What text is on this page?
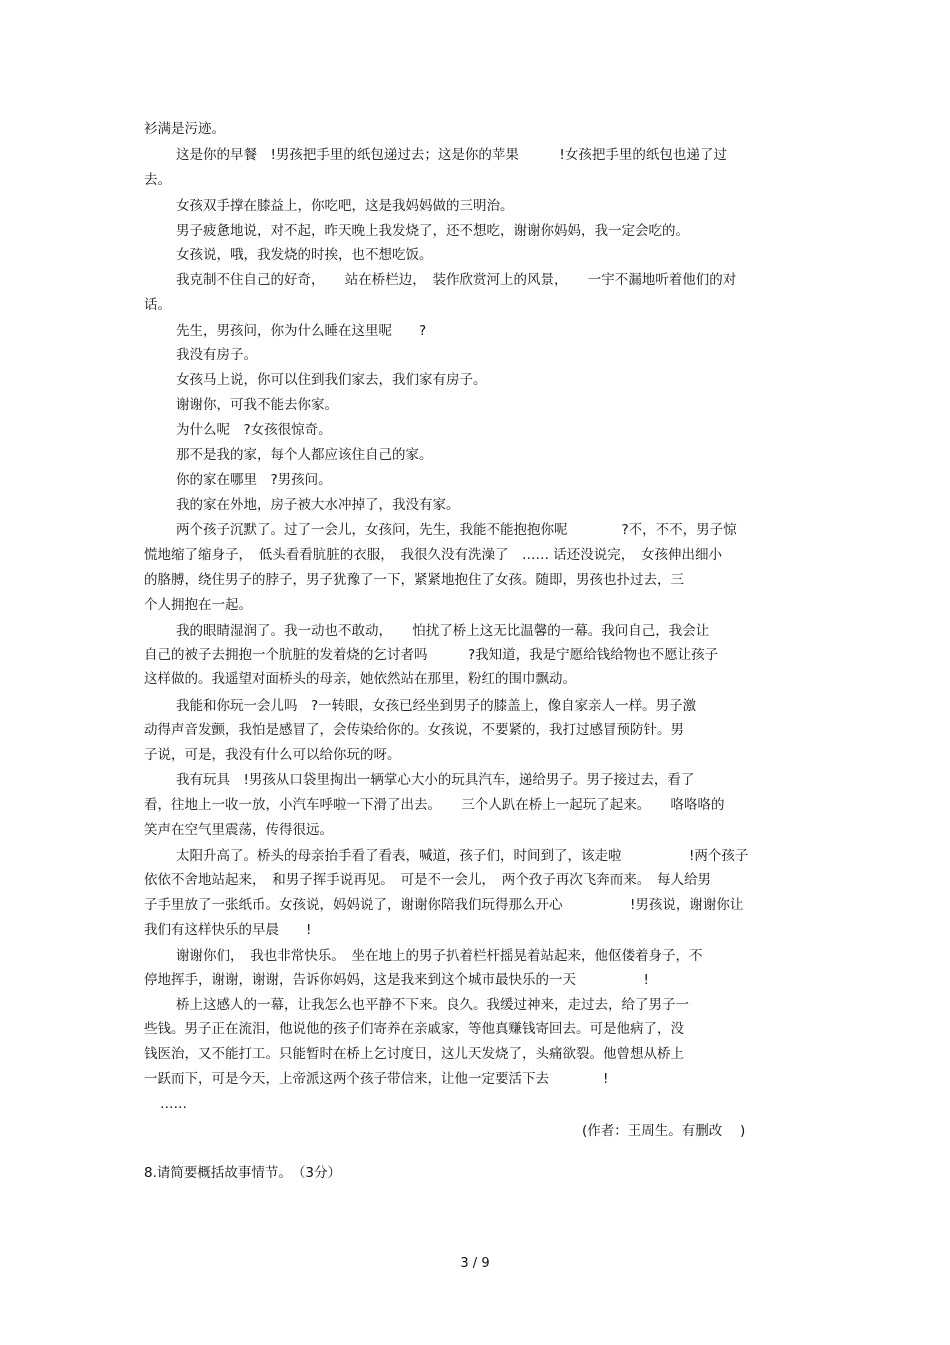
衫满是污迹。
这是你的早餐　!男孩把手里的纸包递过去；这是你的苹果　　　!女孩把手里的纸包也递了过
去。
女孩双手撑在膝益上，你吃吧，这是我妈妈做的三明治。
男子疲惫地说，对不起，昨天晚上我发烧了，还不想吃，谢谢你妈妈，我一定会吃的。
女孩说，哦，我发烧的时挨，也不想吃饭。
我克制不住自己的好奇，　　站在桥栏边，　装作欣赏河上的风景，　　一宇不漏地听着他们的对
话。
先生，男孩问，你为什么睡在这里呢　　?
我没有房子。
女孩马上说，你可以住到我们家去，我们家有房子。
谢谢你，可我不能去你家。
为什么呢　?女孩很惊奇。
那不是我的家，每个人都应该住自己的家。
你的家在哪里　?男孩问。
我的家在外地，房子被大水冲掉了，我没有家。
两个孩子沉默了。过了一会儿，女孩问，先生，我能不能抱抱你呢　　　　?不，不不，男子惊
慌地缩了缩身子，　低头看看肮脏的衣服，　我很久没有洗澡了　…… 话还没说完，　女孩伸出细小
的胳膊，绕住男子的脖子，男子犹豫了一下，紧紧地抱住了女孩。随即，男孩也扑过去，三
个人拥抱在一起。
我的眼睛湿润了。我一动也不敢动，　　怕扰了桥上这无比温馨的一幕。我问自己，我会让
自己的被子去拥抱一个肮脏的发着烧的乞讨者吗　　　?我知道，我是宁愿给钱给物也不愿让孩子
这样做的。我遥望对面桥头的母亲，她依然站在那里，粉红的围巾飘动。
我能和你玩一会儿吗　?一转眼，女孩已经坐到男子的膝盖上，像自家亲人一样。男子激
动得声音发颤，我怕是感冒了，会传染给你的。女孩说，不要紧的，我打过感冒预防针。男
子说，可是，我没有什么可以给你玩的呀。
我有玩具　!男孩从口袋里掏出一辆掌心大小的玩具汽车，递给男子。男子接过去，看了
看，往地上一收一放，小汽车呼啦一下滑了出去。　　三个人趴在桥上一起玩了起来。　　咯咯咯的
笑声在空气里震荡，传得很远。
太阳升高了。桥头的母亲抬手看了看表，喊道，孩子们，时间到了，该走啦　　　　　!两个孩子
依依不舍地站起来，　和男子挥手说再见。　可是不一会儿，　两个孜子再次飞奔而来。　每人给男
子手里放了一张纸币。女孩说，妈妈说了，谢谢你陪我们玩得那么开心　　　　　!男孩说，谢谢你让
我们有这样快乐的早晨　　!
谢谢你们，　我也非常快乐。　坐在地上的男子扒着栏杆摇晃着站起来，他伛偻着身子，不
停地挥手，谢谢，谢谢，告诉你妈妈，这是我来到这个城市最快乐的一天　　　　　!
桥上这感人的一幕，让我怎么也平静不下来。良久。我缓过神来，走过去，给了男子一
些钱。男子正在流泪，他说他的孩子们寄养在亲戚家，等他真赚钱寄回去。可是他病了，没
钱医治，又不能打工。只能暂时在桥上乞讨度日，这儿天发烧了，头痛欲裂。他曾想从桥上
一跃而下，可是今天，上帝派这两个孩子带信来，让他一定要活下去　　　　!
……
(作者：王周生。有删改　 )
8.请简要概括故事情节。　（3分）
3 / 9
